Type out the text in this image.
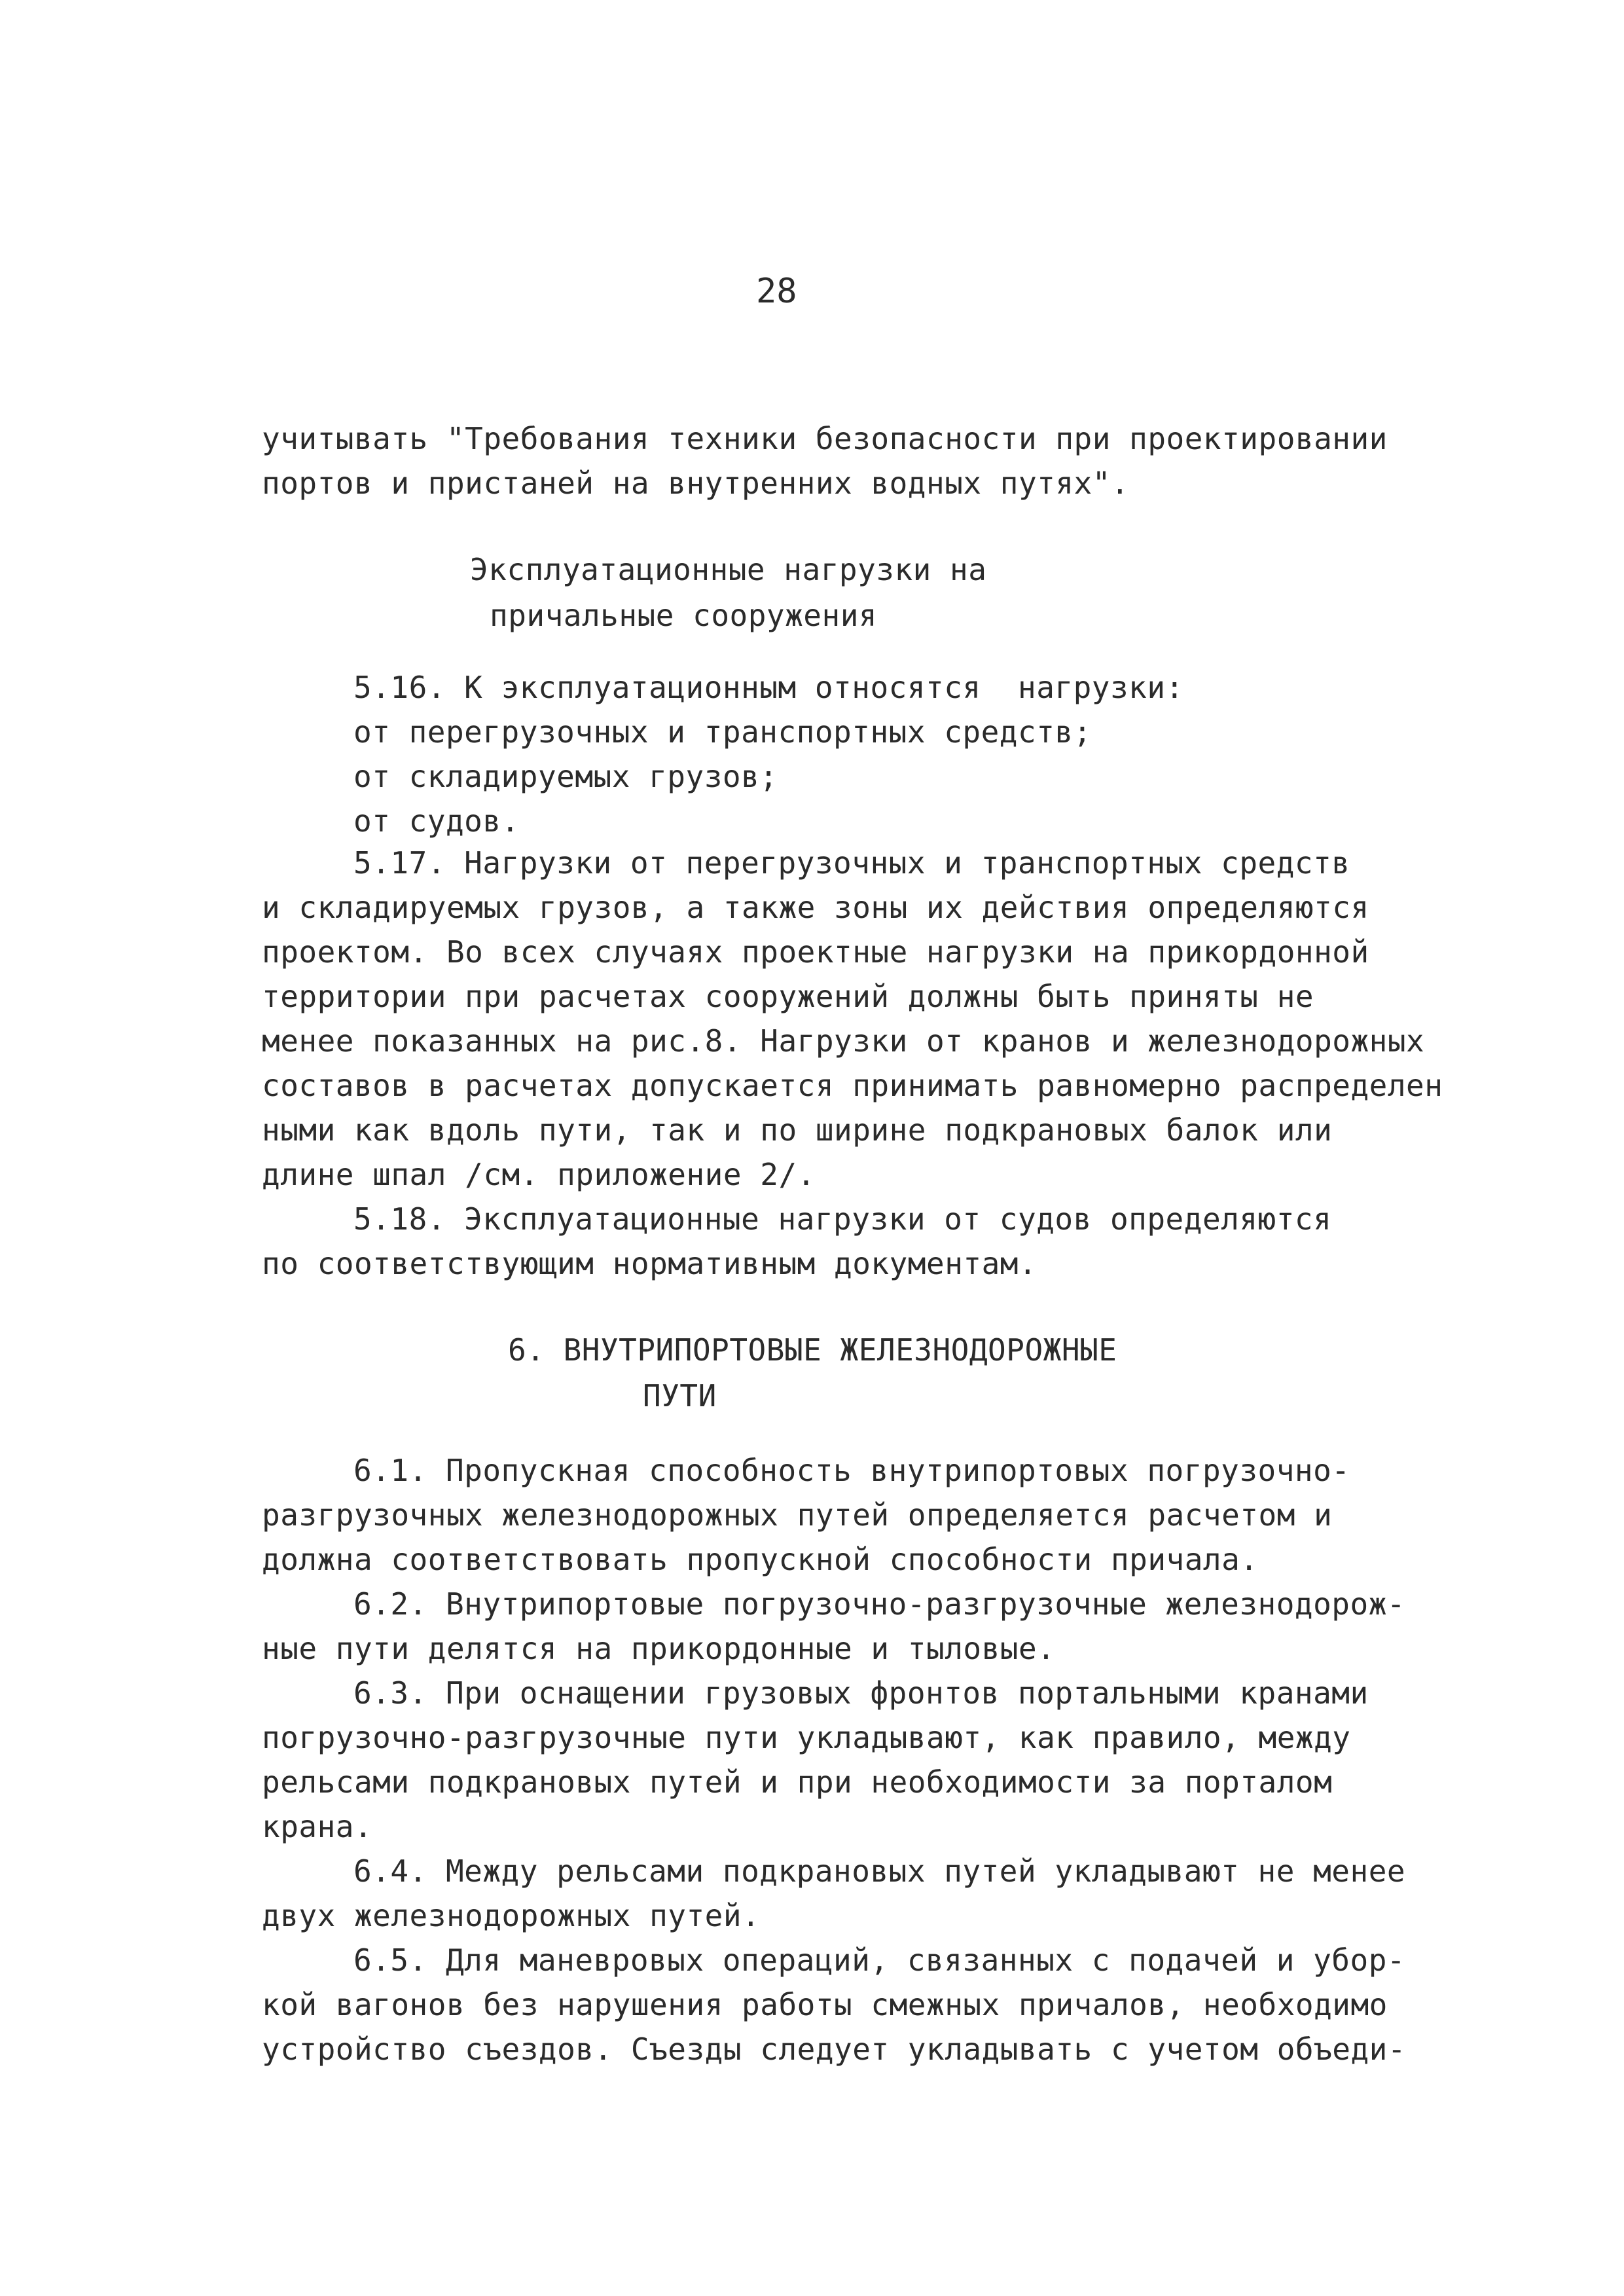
28
учитывать "Требования техники безопасности при проектировании
портов и пристаней на внутренних водных путях".
Эксплуатационные нагрузки на
причальные сооружения
5.16. К эксплуатационным относятся  нагрузки:
от перегрузочных и транспортных средств;
от складируемых грузов;
от судов.
5.17. Нагрузки от перегрузочных и транспортных средств
и складируемых грузов, а также зоны их действия определяются
проектом. Во всех случаях проектные нагрузки на прикордонной
территории при расчетах сооружений должны быть приняты не
менее показанных на рис.8. Нагрузки от кранов и железнодорожных
составов в расчетах допускается принимать равномерно распределен
ными как вдоль пути, так и по ширине подкрановых балок или
длине шпал /см. приложение 2/.
5.18. Эксплуатационные нагрузки от судов определяются
по соответствующим нормативным документам.
6. ВНУТРИПОРТОВЫЕ ЖЕЛЕЗНОДОРОЖНЫЕ
ПУТИ
6.1. Пропускная способность внутрипортовых погрузочно-
разгрузочных железнодорожных путей определяется расчетом и
должна соответствовать пропускной способности причала.
6.2. Внутрипортовые погрузочно-разгрузочные железнодорож-
ные пути делятся на прикордонные и тыловые.
6.3. При оснащении грузовых фронтов портальными кранами
погрузочно-разгрузочные пути укладывают, как правило, между
рельсами подкрановых путей и при необходимости за порталом
крана.
6.4. Между рельсами подкрановых путей укладывают не менее
двух железнодорожных путей.
6.5. Для маневровых операций, связанных с подачей и убор-
кой вагонов без нарушения работы смежных причалов, необходимо
устройство съездов. Съезды следует укладывать с учетом объеди-
